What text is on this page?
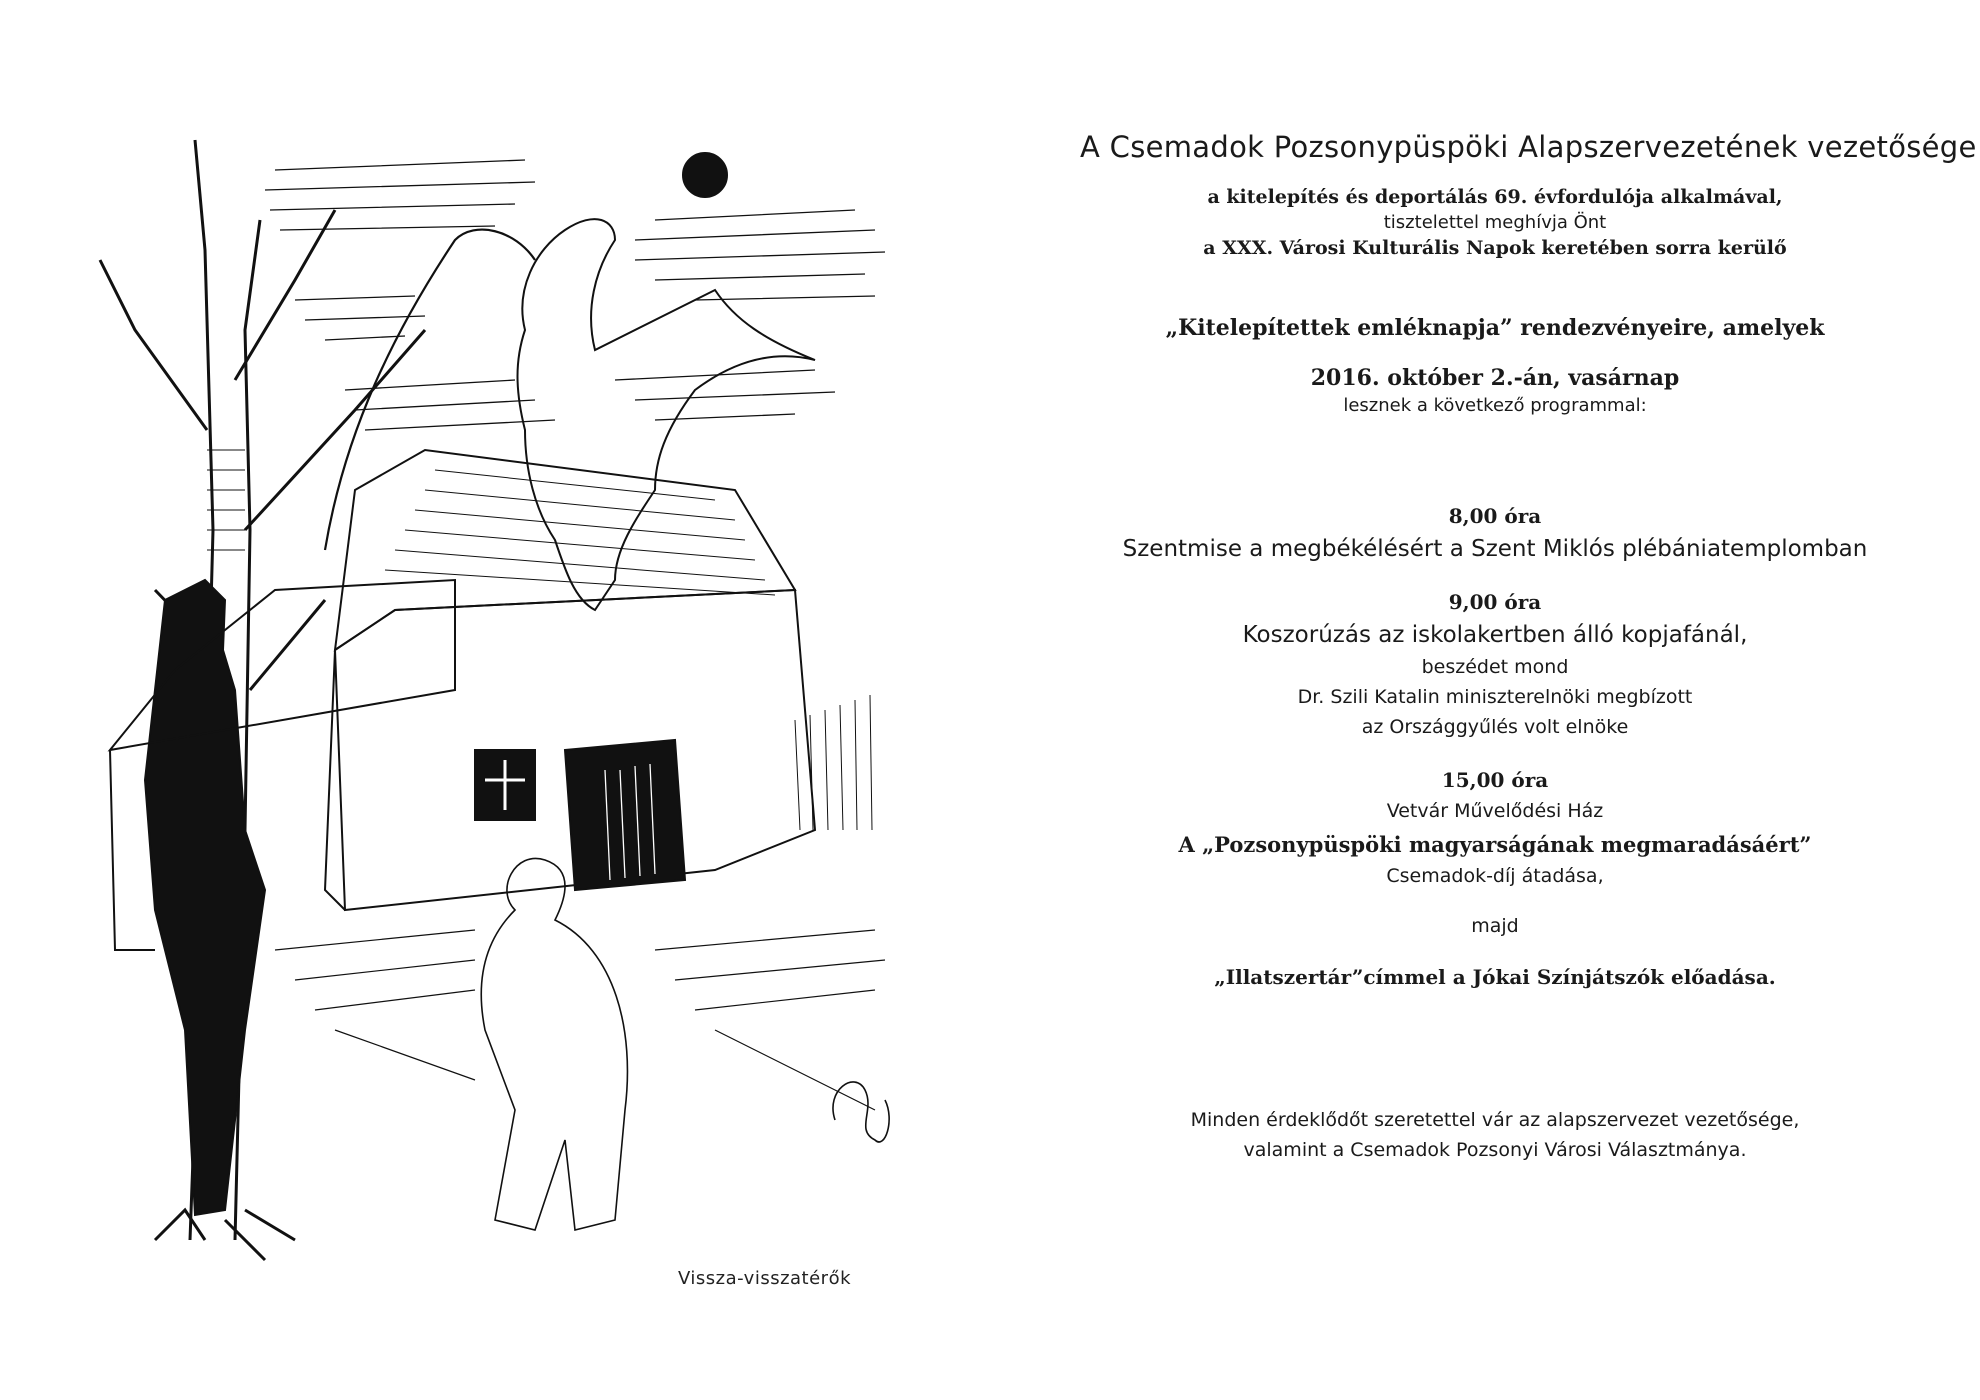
Vissza-visszatérők
A Csemadok Pozsonypüspöki Alapszervezetének vezetősége
a kitelepítés és deportálás 69. évfordulója alkalmával,
tisztelettel meghívja Önt
a XXX. Városi Kulturális Napok keretében sorra kerülő
„Kitelepítettek emléknapja” rendezvényeire, amelyek
2016. október 2.-án, vasárnap
lesznek a következő programmal:
8,00 óra
Szentmise a megbékélésért a Szent Miklós plébániatemplomban
9,00 óra
Koszorúzás az iskolakertben álló kopjafánál,
beszédet mond
Dr. Szili Katalin miniszterelnöki megbízott
az Országgyűlés volt elnöke
15,00 óra
Vetvár Művelődési Ház
A „Pozsonypüspöki magyarságának megmaradásáért”
Csemadok-díj átadása,
majd
„Illatszertár”címmel a Jókai Színjátszók előadása.
Minden érdeklődőt szeretettel vár az alapszervezet vezetősége,
valamint a Csemadok Pozsonyi Városi Választmánya.
